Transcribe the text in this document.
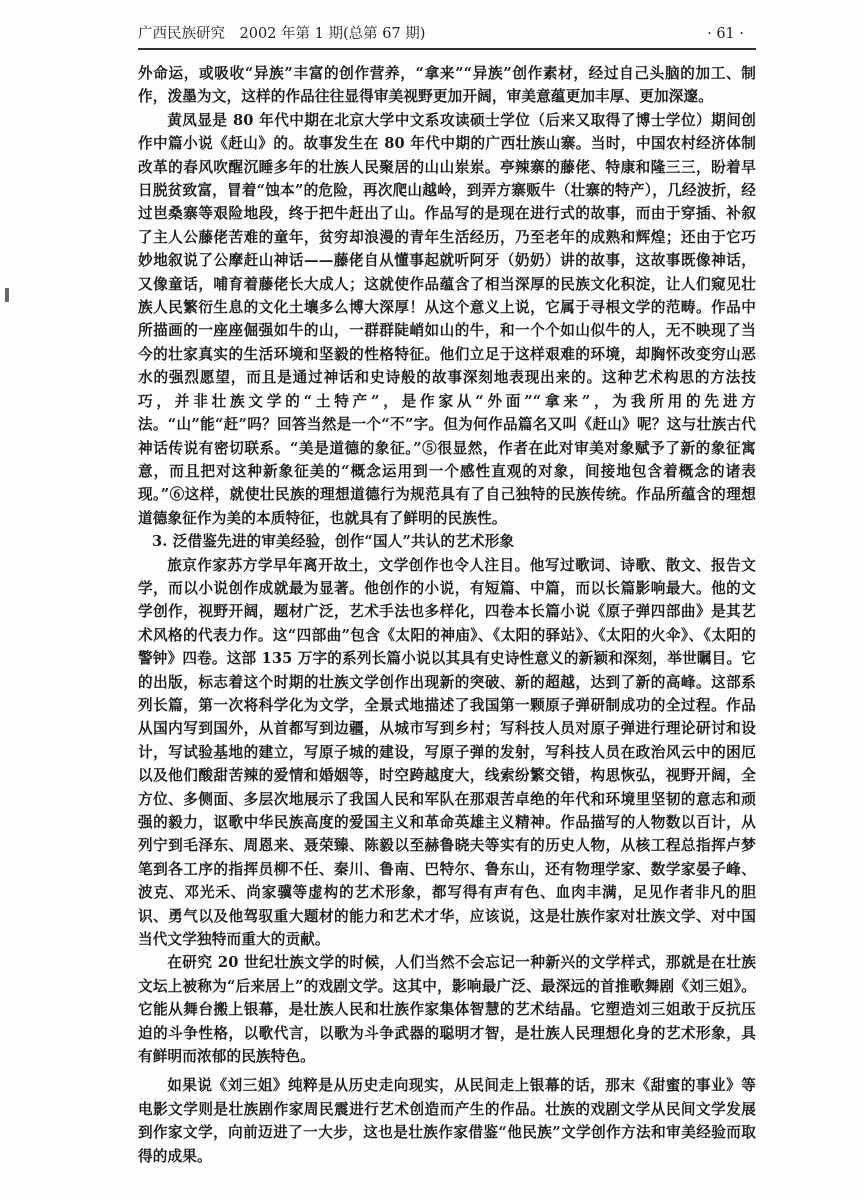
广西民族研究　2002 年第 1 期(总第 67 期)	· 61 ·

外命运，或吸收“异族”丰富的创作营养，“拿来”“异族”创作素材，经过自己头脑的加工、制作，泼墨为文，这样的作品往往显得审美视野更加开阔，审美意蕴更加丰厚、更加深邃。

黄凤显是 80 年代中期在北京大学中文系攻读硕士学位（后来又取得了博士学位）期间创作中篇小说《赶山》的。故事发生在 80 年代中期的广西壮族山寨。当时，中国农村经济体制改革的春风吹醒沉睡多年的壮族人民聚居的山山岽岽。亭辣寨的藤佬、特康和隆三三，盼着早日脱贫致富，冒着“蚀本”的危险，再次爬山越岭，到弄方寨贩牛（壮寨的特产），几经波折，经过岜桑寨等艰险地段，终于把牛赶出了山。作品写的是现在进行式的故事，而由于穿插、补叙了主人公藤佬苦难的童年，贫穷却浪漫的青年生活经历，乃至老年的成熟和辉煌；还由于它巧妙地叙说了公摩赶山神话——藤佬自从懂事起就听阿牙（奶奶）讲的故事，这故事既像神话，又像童话，哺育着藤佬长大成人；这就使作品蕴含了相当深厚的民族文化积淀，让人们窥见壮族人民繁衍生息的文化土壤多么博大深厚！从这个意义上说，它属于寻根文学的范畴。作品中所描画的一座座倔强如牛的山，一群群陡峭如山的牛，和一个个如山似牛的人，无不映现了当今的壮家真实的生活环境和坚毅的性格特征。他们立足于这样艰难的环境，却胸怀改变穷山恶水的强烈愿望，而且是通过神话和史诗般的故事深刻地表现出来的。这种艺术构思的方法技巧，并非壮族文学的“土特产”，是作家从“外面”“拿来”，为我所用的先进方法。“山”能“赶”吗？回答当然是一个“不”字。但为何作品篇名又叫《赶山》呢？这与壮族古代神话传说有密切联系。“美是道德的象征。”⑤很显然，作者在此对审美对象赋予了新的象征寓意，而且把对这种新象征美的“概念运用到一个感性直观的对象，间接地包含着概念的诸表现。”⑥这样，就使壮民族的理想道德行为规范具有了自己独特的民族传统。作品所蕴含的理想道德象征作为美的本质特征，也就具有了鲜明的民族性。

3. 泛借鉴先进的审美经验，创作“国人”共认的艺术形象

旅京作家苏方学早年离开故土，文学创作也令人注目。他写过歌词、诗歌、散文、报告文学，而以小说创作成就最为显著。他创作的小说，有短篇、中篇，而以长篇影响最大。他的文学创作，视野开阔，题材广泛，艺术手法也多样化，四卷本长篇小说《原子弹四部曲》是其艺术风格的代表力作。这“四部曲”包含《太阳的神庙》、《太阳的驿站》、《太阳的火伞》、《太阳的警钟》四卷。这部 135 万字的系列长篇小说以其具有史诗性意义的新颖和深刻，举世瞩目。它的出版，标志着这个时期的壮族文学创作出现新的突破、新的超越，达到了新的高峰。这部系列长篇，第一次将科学化为文学，全景式地描述了我国第一颗原子弹研制成功的全过程。作品从国内写到国外，从首都写到边疆，从城市写到乡村；写科技人员对原子弹进行理论研讨和设计，写试验基地的建立，写原子城的建设，写原子弹的发射，写科技人员在政治风云中的困厄以及他们酸甜苦辣的爱情和婚姻等，时空跨越度大，线索纷繁交错，构思恢弘，视野开阔，全方位、多侧面、多层次地展示了我国人民和军队在那艰苦卓绝的年代和环境里坚韧的意志和顽强的毅力，讴歌中华民族高度的爱国主义和革命英雄主义精神。作品描写的人物数以百计，从列宁到毛泽东、周恩来、聂荣臻、陈毅以至赫鲁晓夫等实有的历史人物，从核工程总指挥卢梦笔到各工序的指挥员柳不任、秦川、鲁南、巴特尔、鲁东山，还有物理学家、数学家晏子峰、波克、邓光禾、尚家骥等虚构的艺术形象，都写得有声有色、血肉丰满，足见作者非凡的胆识、勇气以及他驾驭重大题材的能力和艺术才华，应该说，这是壮族作家对壮族文学、对中国当代文学独特而重大的贡献。

在研究 20 世纪壮族文学的时候，人们当然不会忘记一种新兴的文学样式，那就是在壮族文坛上被称为“后来居上”的戏剧文学。这其中，影响最广泛、最深远的首推歌舞剧《刘三姐》。它能从舞台搬上银幕，是壮族人民和壮族作家集体智慧的艺术结晶。它塑造刘三姐敢于反抗压迫的斗争性格，以歌代言，以歌为斗争武器的聪明才智，是壮族人民理想化身的艺术形象，具有鲜明而浓郁的民族特色。

如果说《刘三姐》纯粹是从历史走向现实，从民间走上银幕的话，那末《甜蜜的事业》等电影文学则是壮族剧作家周民震进行艺术创造而产生的作品。壮族的戏剧文学从民间文学发展到作家文学，向前迈进了一大步，这也是壮族作家借鉴“他民族”文学创作方法和审美经验而取得的成果。
